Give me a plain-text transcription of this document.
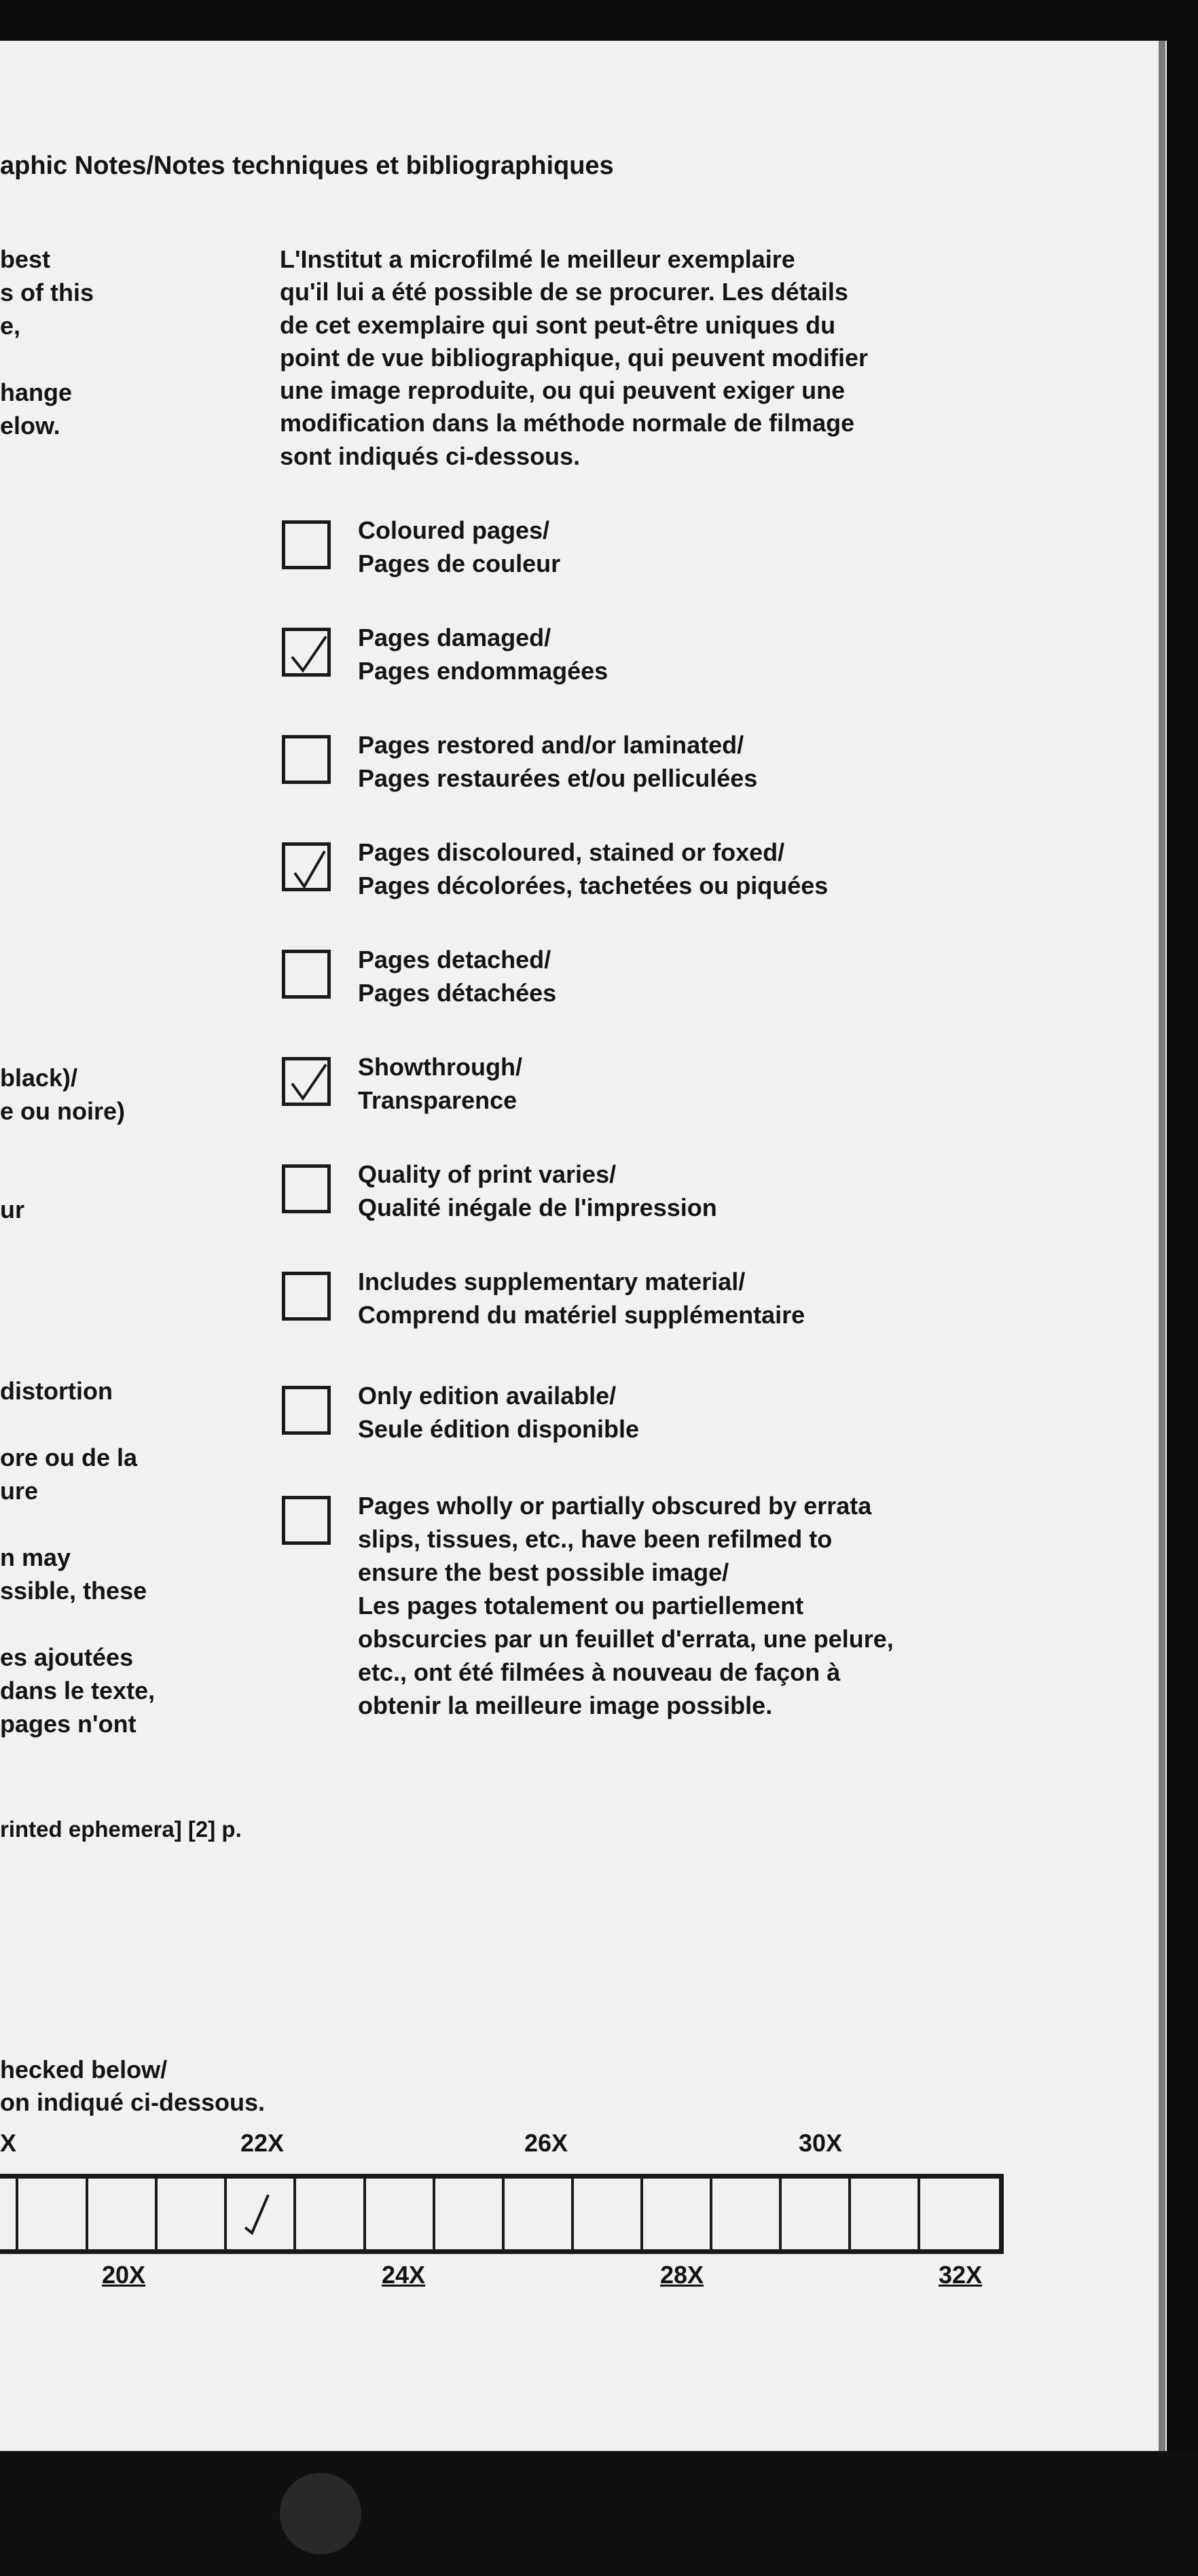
aphic Notes/Notes techniques et bibliographiques
best
s of this
e,
hange
elow.
L'Institut a microfilmé le meilleur exemplaire
qu'il lui a été possible de se procurer. Les détails
de cet exemplaire qui sont peut-être uniques du
point de vue bibliographique, qui peuvent modifier
une image reproduite, ou qui peuvent exiger une
modification dans la méthode normale de filmage
sont indiqués ci-dessous.
Coloured pages/
Pages de couleur
Pages damaged/
Pages endommagées
Pages restored and/or laminated/
Pages restaurées et/ou pelliculées
Pages discoloured, stained or foxed/
Pages décolorées, tachetées ou piquées
Pages detached/
Pages détachées
Showthrough/
Transparence
Quality of print varies/
Qualité inégale de l'impression
Includes supplementary material/
Comprend du matériel supplémentaire
Only edition available/
Seule édition disponible
Pages wholly or partially obscured by errata
slips, tissues, etc., have been refilmed to
ensure the best possible image/
Les pages totalement ou partiellement
obscurcies par un feuillet d'errata, une pelure,
etc., ont été filmées à nouveau de façon à
obtenir la meilleure image possible.
black)/
e ou noire)
ur
distortion
ore ou de la
ure
n may
ssible, these
es ajoutées
dans le texte,
pages n'ont
rinted ephemera] [2] p.
hecked below/
on indiqué ci-dessous.
X	22X	26X	30X
20X	24X	28X	32X
